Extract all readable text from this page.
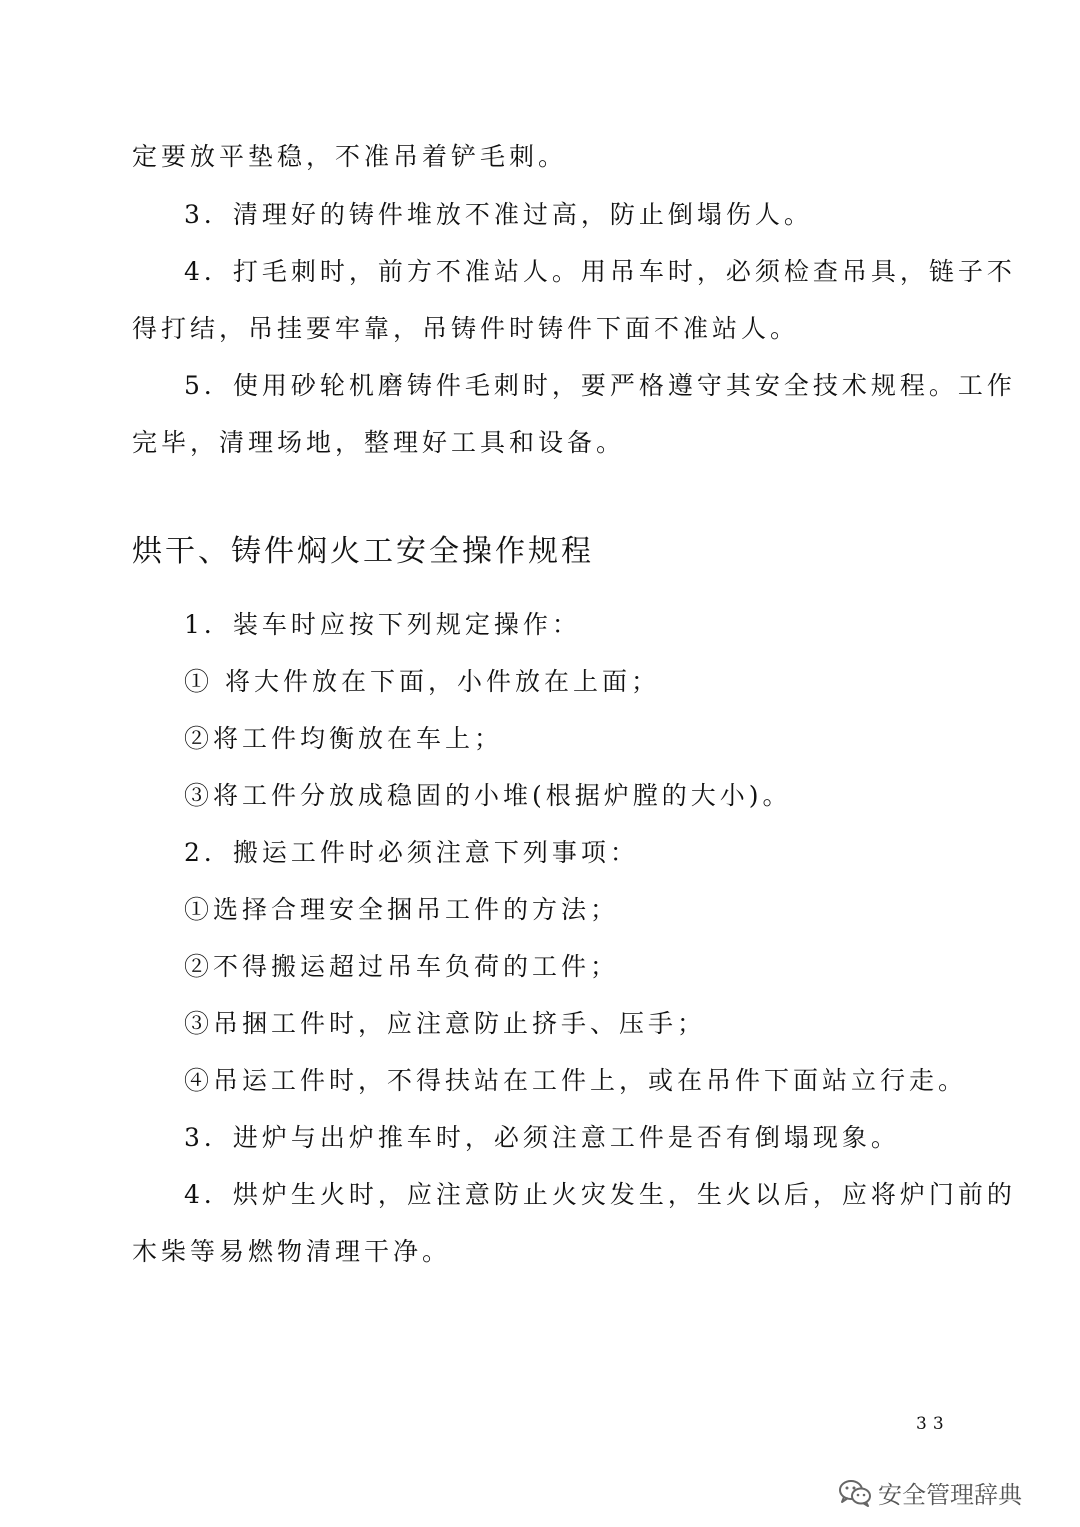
定要放平垫稳，不准吊着铲毛刺。
3．清理好的铸件堆放不准过高，防止倒塌伤人。
4．打毛刺时，前方不准站人。用吊车时，必须检查吊具，链子不
得打结，吊挂要牢靠，吊铸件时铸件下面不准站人。
5．使用砂轮机磨铸件毛刺时，要严格遵守其安全技术规程。工作
完毕，清理场地，整理好工具和设备。
烘干、铸件焖火工安全操作规程
1．装车时应按下列规定操作：
① 将大件放在下面，小件放在上面；
②将工件均衡放在车上；
③将工件分放成稳固的小堆(根据炉膛的大小)。
2．搬运工件时必须注意下列事项：
①选择合理安全捆吊工件的方法；
②不得搬运超过吊车负荷的工件；
③吊捆工件时，应注意防止挤手、压手；
④吊运工件时，不得扶站在工件上，或在吊件下面站立行走。
3．进炉与出炉推车时，必须注意工件是否有倒塌现象。
4．烘炉生火时，应注意防止火灾发生，生火以后，应将炉门前的
木柴等易燃物清理干净。
33
安全管理辞典
